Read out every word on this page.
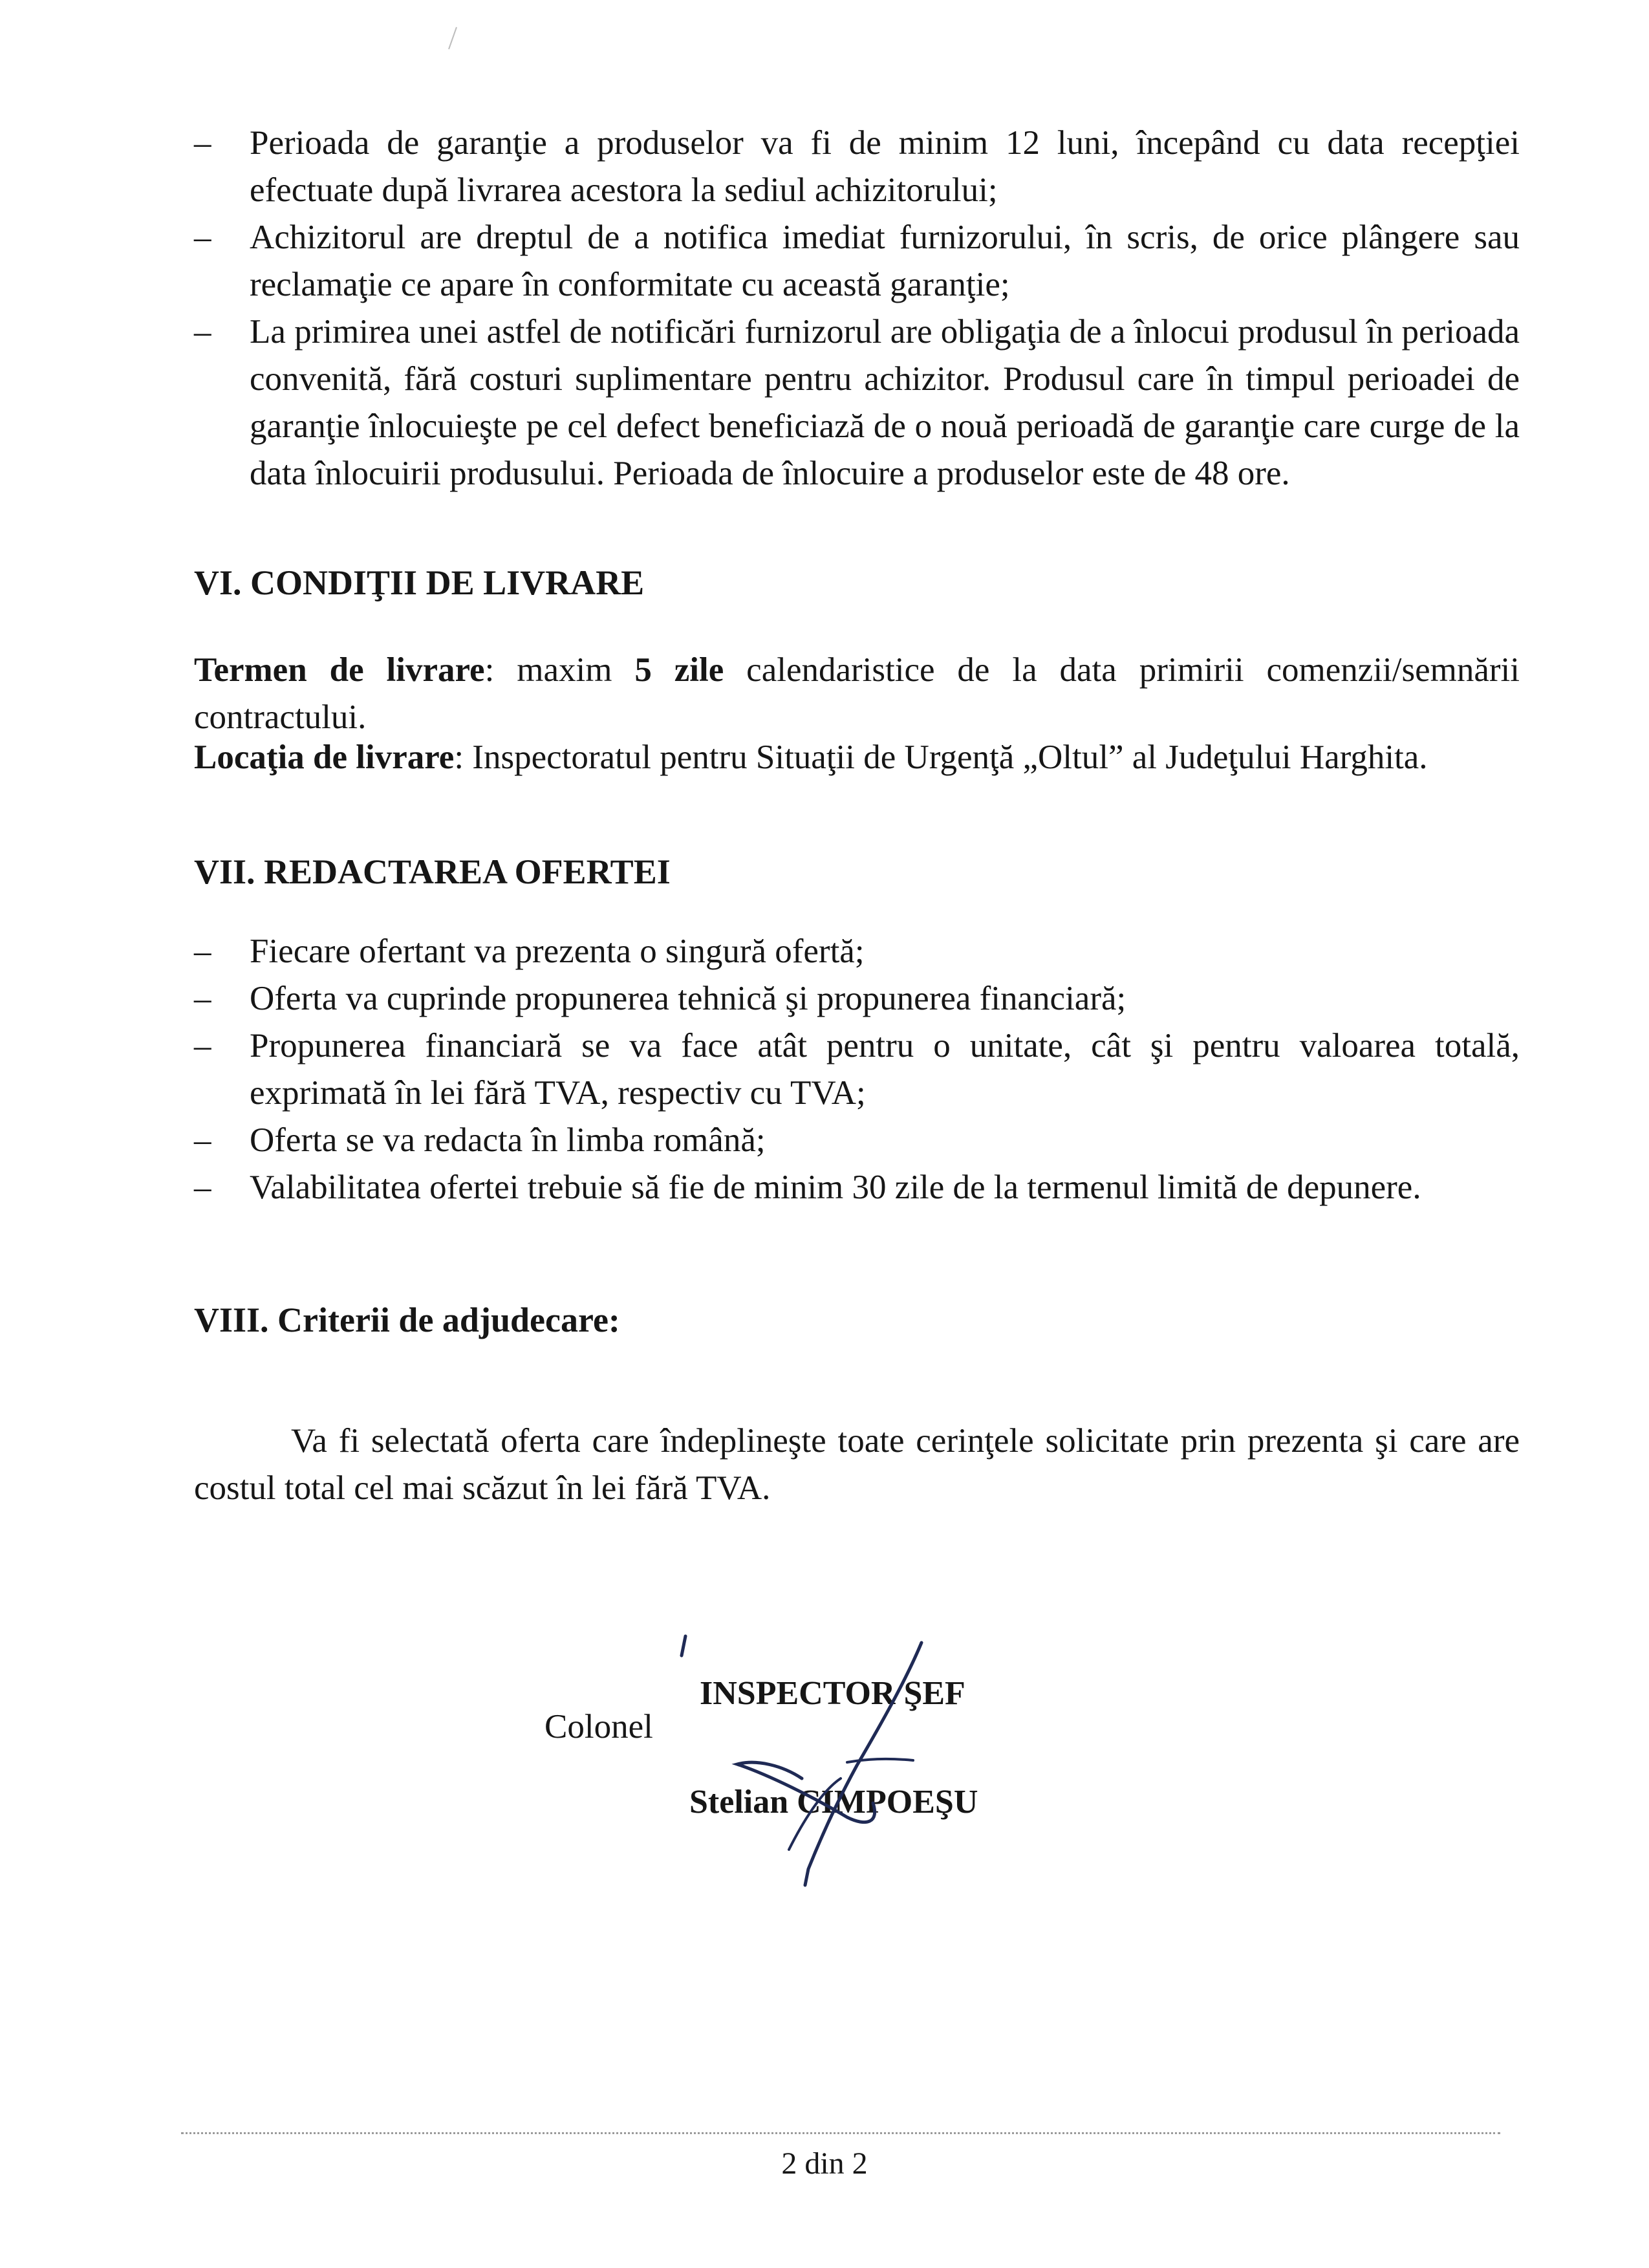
– Perioada de garanţie a produselor va fi de minim 12 luni, începând cu data recepţiei efectuate după livrarea acestora la sediul achizitorului;
– Achizitorul are dreptul de a notifica imediat furnizorului, în scris, de orice plângere sau reclamaţie ce apare în conformitate cu această garanţie;
– La primirea unei astfel de notificări furnizorul are obligaţia de a înlocui produsul în perioada convenită, fără costuri suplimentare pentru achizitor. Produsul care în timpul perioadei de garanţie înlocuieşte pe cel defect beneficiază de o nouă perioadă de garanţie care curge de la data înlocuirii produsului. Perioada de înlocuire a produselor este de 48 ore.
VI. CONDIŢII DE LIVRARE

Termen de livrare: maxim 5 zile calendaristice de la data primirii comenzii/semnării contractului.

Locaţia de livrare: Inspectoratul pentru Situaţii de Urgenţă „Oltul” al Judeţului Harghita.

VII. REDACTAREA OFERTEI
– Fiecare ofertant va prezenta o singură ofertă;
– Oferta va cuprinde propunerea tehnică şi propunerea financiară;
– Propunerea financiară se va face atât pentru o unitate, cât şi pentru valoarea totală, exprimată în lei fără TVA, respectiv cu TVA;
– Oferta se va redacta în limba română;
– Valabilitatea ofertei trebuie să fie de minim 30 zile de la termenul limită de depunere.
VIII. Criterii de adjudecare:

Va fi selectată oferta care îndeplineşte toate cerinţele solicitate prin prezenta şi care are costul total cel mai scăzut în lei fără TVA.

Colonel
INSPECTOR ŞEF
Stelian CIMPOEŞU
2 din 2
